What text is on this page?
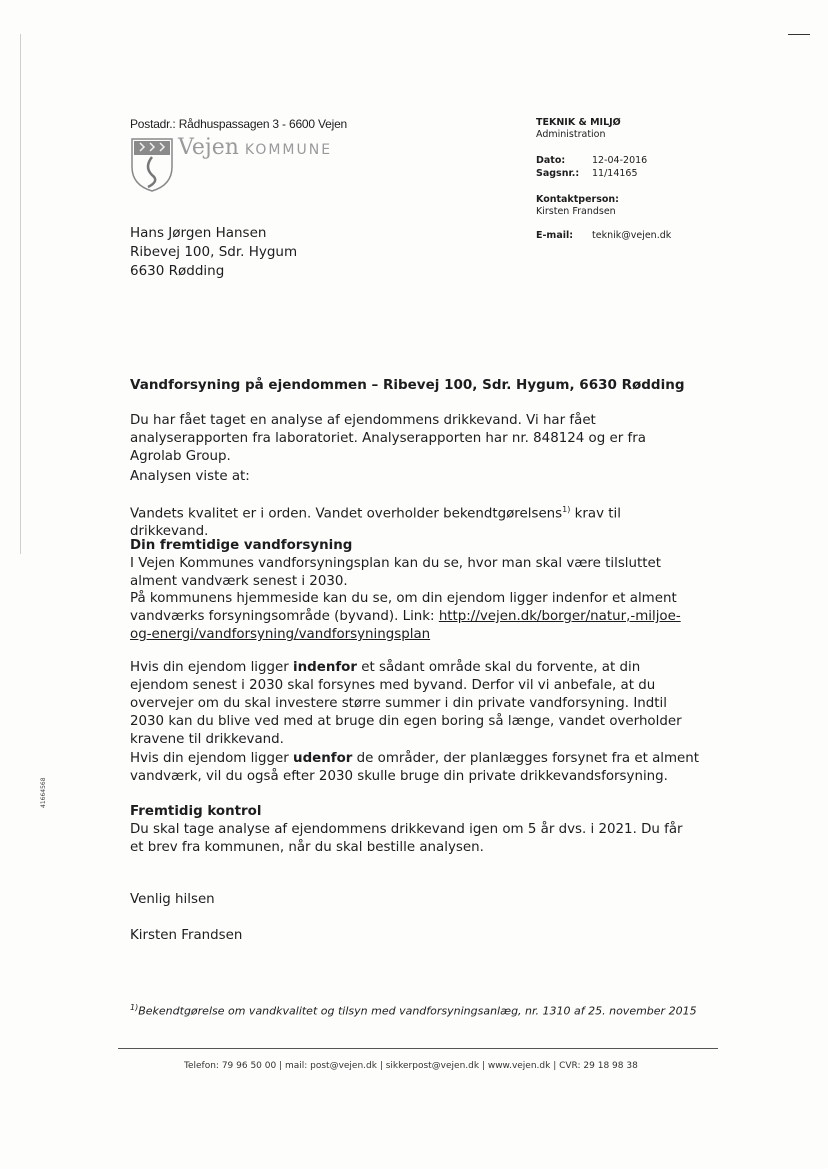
41664568
Postadr.: Rådhuspassagen 3 - 6600 Vejen
Vejen KOMMUNE
Hans Jørgen Hansen
Ribevej 100, Sdr. Hygum
6630 Rødding
TEKNIK & MILJØ
Administration
Dato:	12-04-2016
Sagsnr.: 11/14165
Kontaktperson:
Kirsten Frandsen
E-mail: teknik@vejen.dk
Vandforsyning på ejendommen – Ribevej 100, Sdr. Hygum, 6630 Rødding
Du har fået taget en analyse af ejendommens drikkevand. Vi har fået analyserapporten fra laboratoriet. Analyserapporten har nr. 848124 og er fra Agrolab Group.
Analysen viste at:
Vandets kvalitet er i orden. Vandet overholder bekendtgørelsens$^{1)}$ krav til drikkevand.
Din fremtidige vandforsyning
I Vejen Kommunes vandforsyningsplan kan du se, hvor man skal være tilsluttet alment vandværk senest i 2030.
På kommunens hjemmeside kan du se, om din ejendom ligger indenfor et alment vandværks forsyningsområde (byvand). Link: http://vejen.dk/borger/natur,-miljoe-og-energi/vandforsyning/vandforsyningsplan
Hvis din ejendom ligger indenfor et sådant område skal du forvente, at din ejendom senest i 2030 skal forsynes med byvand. Derfor vil vi anbefale, at du overvejer om du skal investere større summer i din private vandforsyning. Indtil 2030 kan du blive ved med at bruge din egen boring så længe, vandet overholder kravene til drikkevand.
Hvis din ejendom ligger udenfor de områder, der planlægges forsynet fra et alment vandværk, vil du også efter 2030 skulle bruge din private drikkevandsforsyning.
Fremtidig kontrol
Du skal tage analyse af ejendommens drikkevand igen om 5 år dvs. i 2021. Du får et brev fra kommunen, når du skal bestille analysen.
Venlig hilsen
Kirsten Frandsen
$^{1)}$Bekendtgørelse om vandkvalitet og tilsyn med vandforsyningsanlæg, nr. 1310 af 25. november 2015
Telefon: 79 96 50 00 | mail: post@vejen.dk | sikkerpost@vejen.dk | www.vejen.dk | CVR: 29 18 98 38
